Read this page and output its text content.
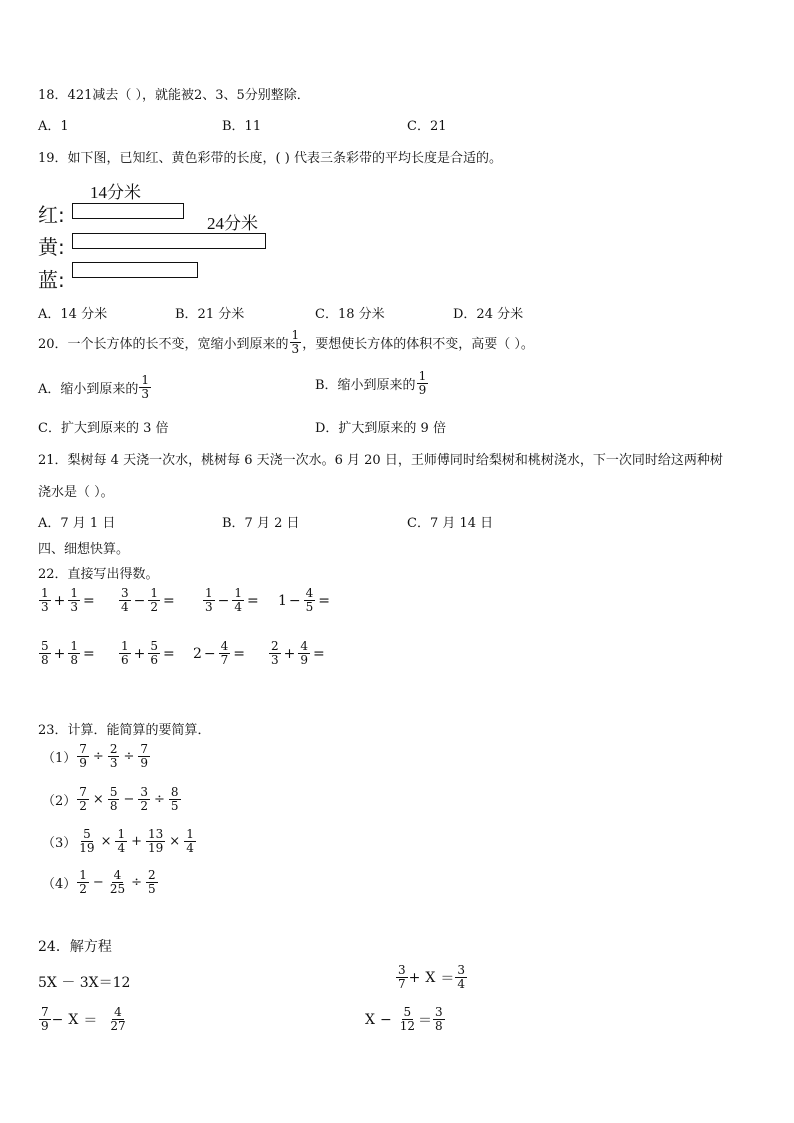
18．421减去（ ），就能被2、3、5分别整除．
A．1	B．11	C．21
19．如下图，已知红、黄色彩带的长度，( ) 代表三条彩带的平均长度是合适的。
14分米
红:	24分米
黄:
蓝:
A．14 分米	B．21 分米	C．18 分米	D．24 分米
20．一个长方体的长不变，宽缩小到原来的 $\frac{1}{3}$ ，要想使长方体的体积不变，高要（ ）。
A．缩小到原来的 $\frac{1}{3}$	B．缩小到原来的 $\frac{1}{9}$
C．扩大到原来的 3 倍	D．扩大到原来的 9 倍
21．梨树每 4 天浇一次水，桃树每 6 天浇一次水。6 月 20 日，王师傅同时给梨树和桃树浇水，下一次同时给这两种树
浇水是（ ）。
A．7 月 1 日	B．7 月 2 日	C．7 月 14 日
四、细想快算。
22．直接写出得数。
$\frac{1}{3} + \frac{1}{3} = \frac{3}{4} - \frac{1}{2} = \frac{1}{3} - \frac{1}{4} = 1 - \frac{4}{5}$ =
$\frac{5}{8} + \frac{1}{8} = \frac{1}{6} + \frac{5}{6} = 2 - \frac{4}{7} = \frac{2}{3} + \frac{4}{9}$ =
23．计算．能简算的要简算．
$(1) \frac{7}{9} \div \frac{2}{3} \div \frac{7}{9}$
$(2) \frac{7}{2} \times \frac{5}{8} - \frac{3}{2} \div \frac{8}{5}$
$(3) \frac{5}{19} \times \frac{1}{4} + \frac{13}{19} \times \frac{1}{4}$
$(4) \frac{1}{2} - \frac{4}{25} \div \frac{2}{5}$
24．解方程
5X － 3X＝12	$\frac{3}{7} + X = \frac{3}{4}$
$\frac{7}{9} - X = \frac{4}{27}$	$X - \frac{5}{12} = \frac{3}{8}$
